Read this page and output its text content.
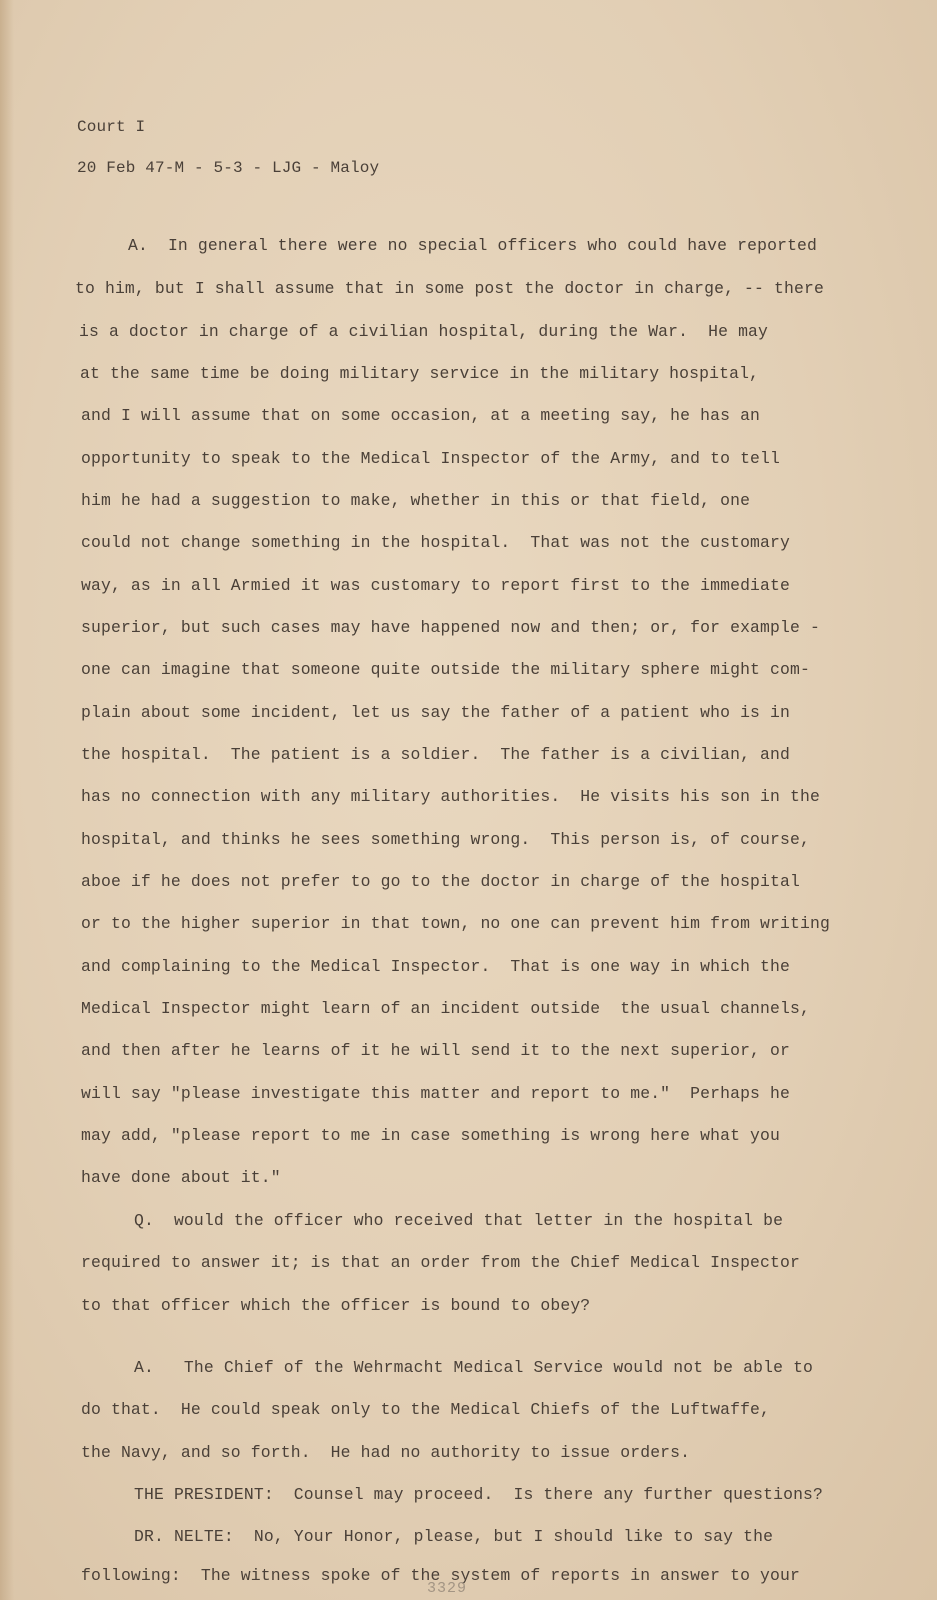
Court I
20 Feb 47-M - 5-3 - LJG - Maloy
A.  In general there were no special officers who could have reported
to him, but I shall assume that in some post the doctor in charge, -- there
is a doctor in charge of a civilian hospital, during the War.  He may
at the same time be doing military service in the military hospital,
and I will assume that on some occasion, at a meeting say, he has an
opportunity to speak to the Medical Inspector of the Army, and to tell
him he had a suggestion to make, whether in this or that field, one
could not change something in the hospital.  That was not the customary
way, as in all Armied it was customary to report first to the immediate
superior, but such cases may have happened now and then; or, for example -
one can imagine that someone quite outside the military sphere might com-
plain about some incident, let us say the father of a patient who is in
the hospital.  The patient is a soldier.  The father is a civilian, and
has no connection with any military authorities.  He visits his son in the
hospital, and thinks he sees something wrong.  This person is, of course,
aboe if he does not prefer to go to the doctor in charge of the hospital
or to the higher superior in that town, no one can prevent him from writing
and complaining to the Medical Inspector.  That is one way in which the
Medical Inspector might learn of an incident outside  the usual channels,
and then after he learns of it he will send it to the next superior, or
will say "please investigate this matter and report to me."  Perhaps he
may add, "please report to me in case something is wrong here what you
have done about it."
Q.  would the officer who received that letter in the hospital be
required to answer it; is that an order from the Chief Medical Inspector
to that officer which the officer is bound to obey?
A.   The Chief of the Wehrmacht Medical Service would not be able to
do that.  He could speak only to the Medical Chiefs of the Luftwaffe,
the Navy, and so forth.  He had no authority to issue orders.
THE PRESIDENT:  Counsel may proceed.  Is there any further questions?
DR. NELTE:  No, Your Honor, please, but I should like to say the
following:  The witness spoke of the system of reports in answer to your
3329
